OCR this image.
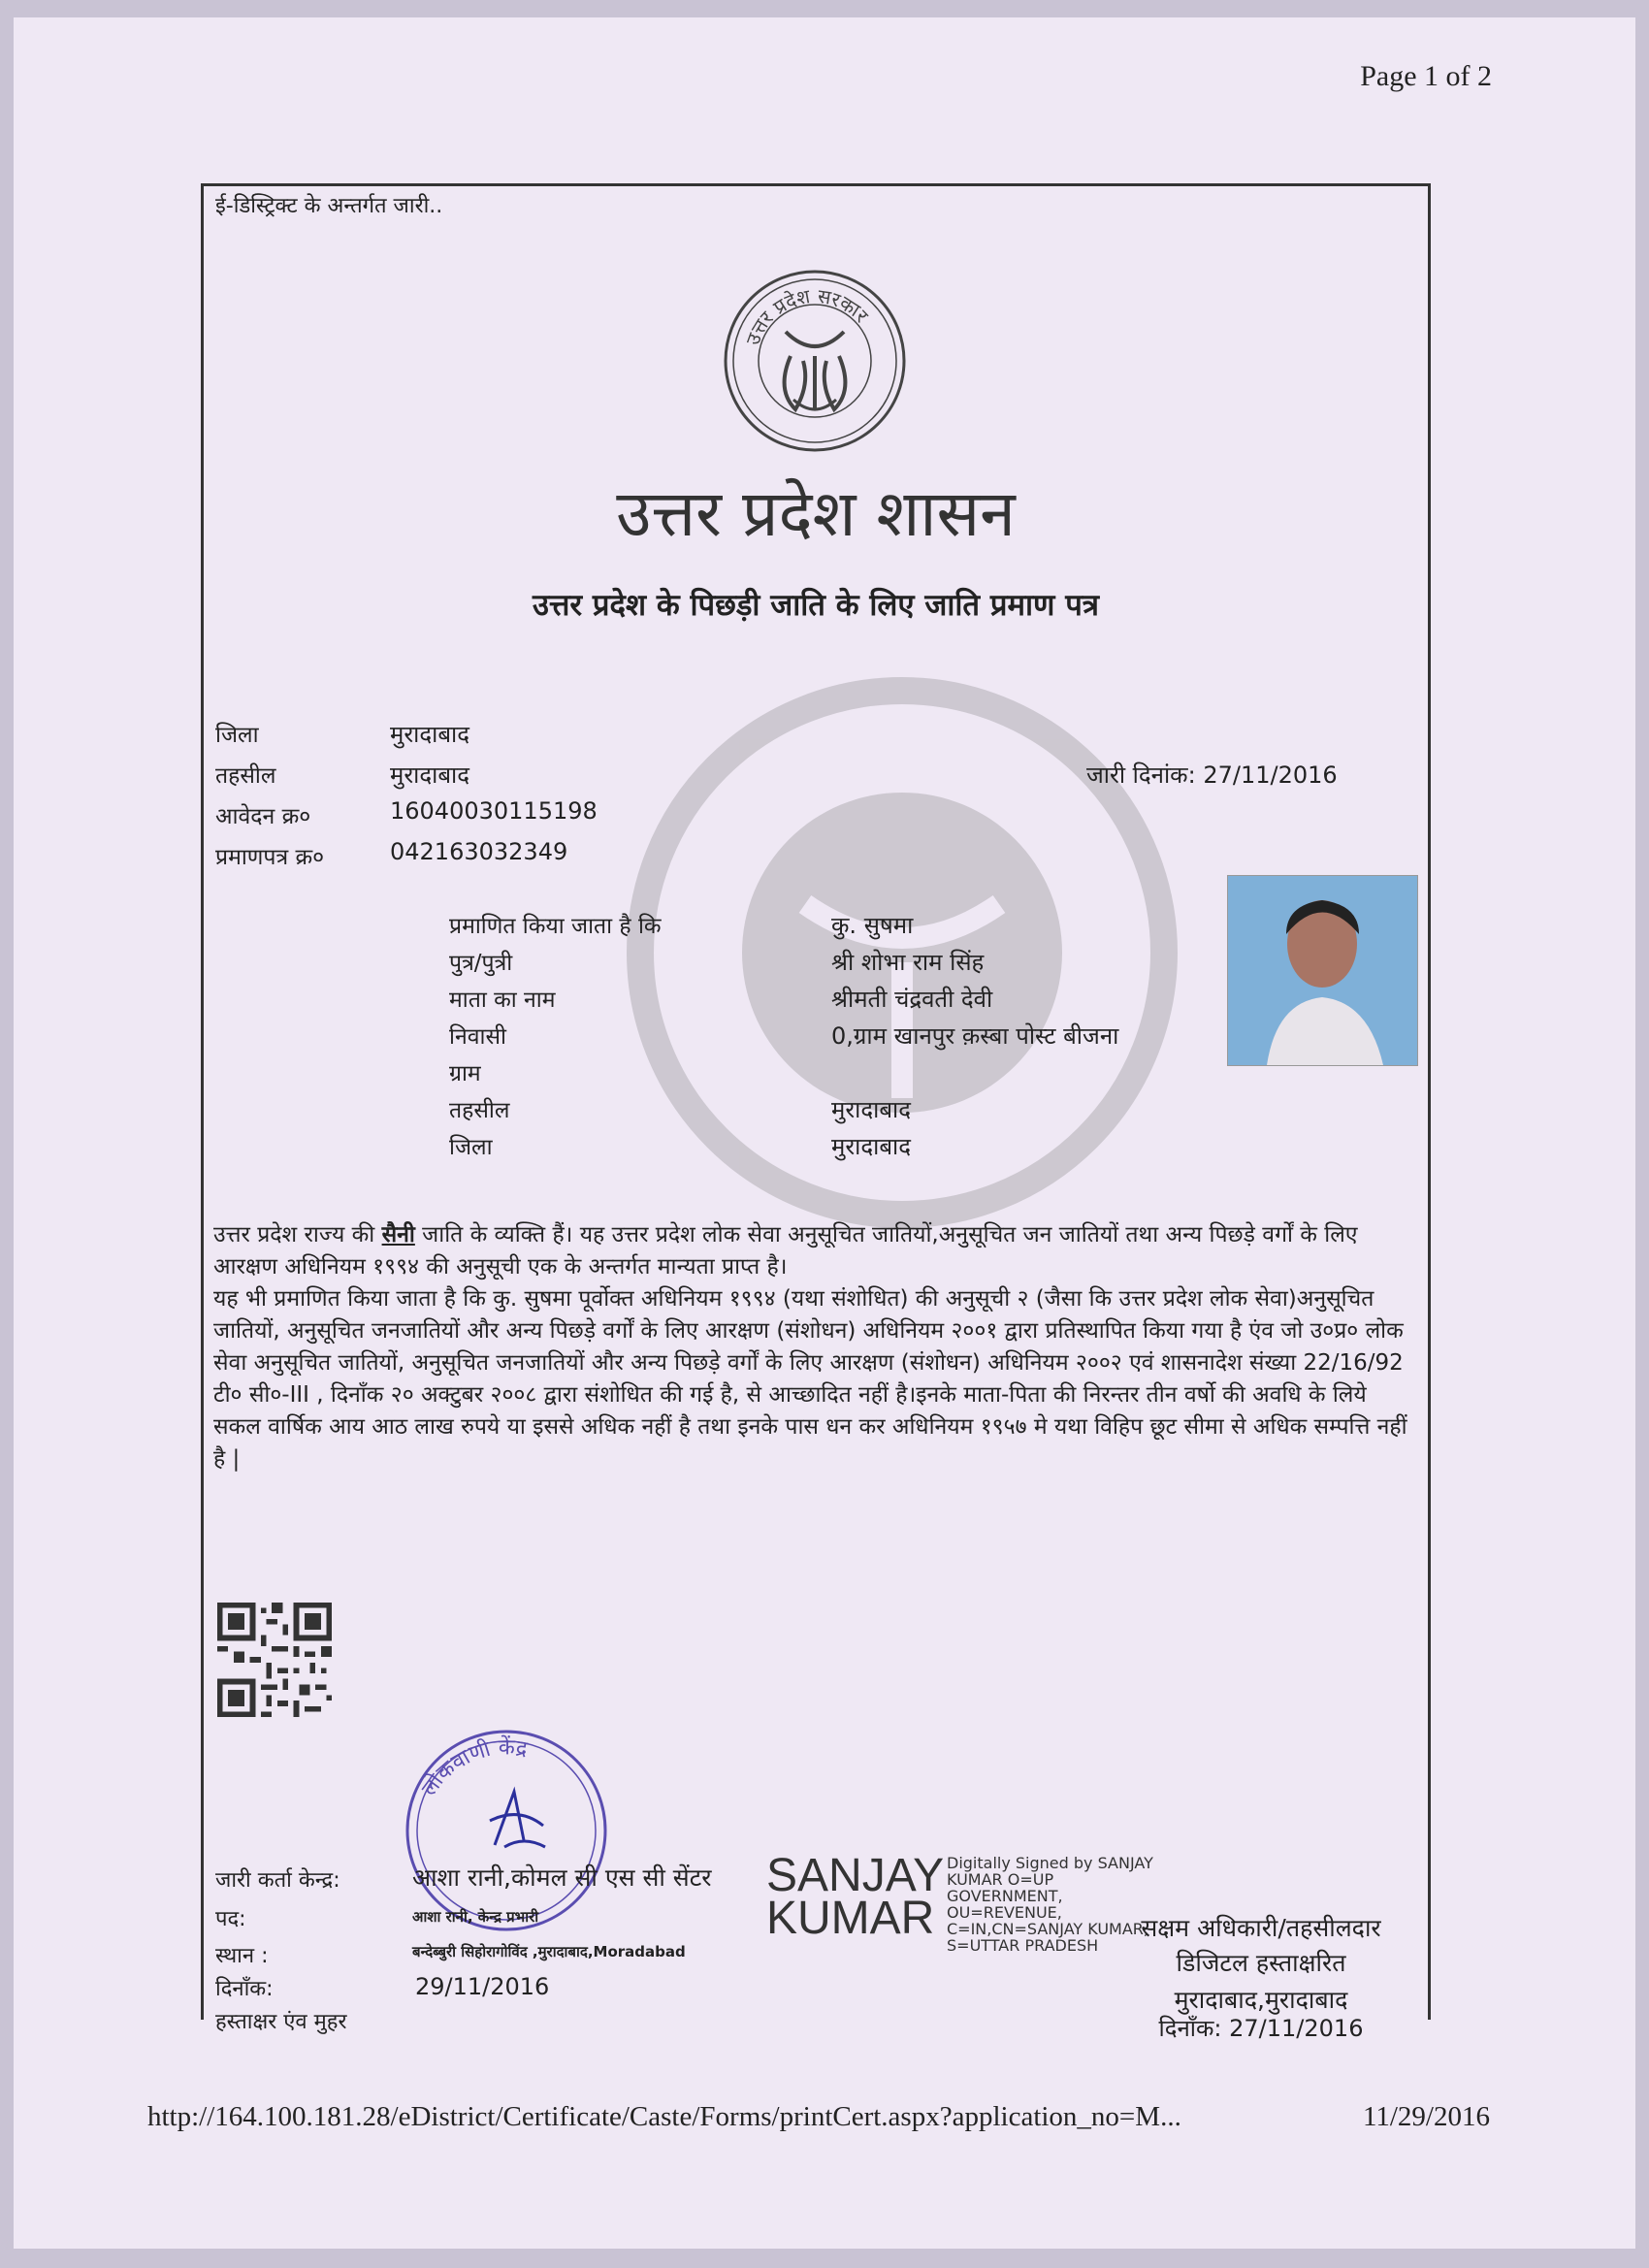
Page 1 of 2
ई-डिस्ट्रिक्ट के अन्तर्गत जारी..
उत्तर प्रदेश सरकार
उत्तर प्रदेश शासन
उत्तर प्रदेश के पिछड़ी जाति के लिए जाति प्रमाण पत्र
जिला	मुरादाबाद
तहसील	मुरादाबाद
आवेदन क्र०	16040030115198
प्रमाणपत्र क्र०	042163032349
जारी दिनांक: 27/11/2016
प्रमाणित किया जाता है कि	कु. सुषमा
पुत्र/पुत्री	श्री शोभा राम सिंह
माता का नाम	श्रीमती चंद्रवती देवी
निवासी	0,ग्राम खानपुर क़स्बा पोस्ट बीजना
ग्राम
तहसील	मुरादाबाद
जिला	मुरादाबाद
उत्तर प्रदेश राज्य की सैनी जाति के व्यक्ति हैं। यह उत्तर प्रदेश लोक सेवा अनुसूचित जातियों,अनुसूचित जन जातियों तथा अन्य पिछड़े वर्गों के लिए आरक्षण अधिनियम १९९४ की अनुसूची एक के अन्तर्गत मान्यता प्राप्त है।
यह भी प्रमाणित किया जाता है कि कु. सुषमा पूर्वोक्त अधिनियम १९९४ (यथा संशोधित) की अनुसूची २ (जैसा कि उत्तर प्रदेश लोक सेवा)अनुसूचित जातियों, अनुसूचित जनजातियों और अन्य पिछड़े वर्गों के लिए आरक्षण (संशोधन) अधिनियम २००१ द्वारा प्रतिस्थापित किया गया है एंव जो उ०प्र० लोक सेवा अनुसूचित जातियों, अनुसूचित जनजातियों और अन्य पिछड़े वर्गों के लिए आरक्षण (संशोधन) अधिनियम २००२ एवं शासनादेश संख्या 22/16/92 टी० सी०-III , दिनाँक २० अक्टुबर २००८ द्वारा संशोधित की गई है, से आच्छादित नहीं है।इनके माता-पिता की निरन्तर तीन वर्षो की अवधि के लिये सकल वार्षिक आय आठ लाख रुपये या इससे अधिक नहीं है तथा इनके पास धन कर अधिनियम १९५७ मे यथा विहिप छूट सीमा से अधिक सम्पत्ति नहीं है |
लोकवाणी केंद्र
जारी कर्ता केन्द्र:	आशा रानी,कोमल सी एस सी सेंटर
पद:	आशा रानी, केन्द्र प्रभारी
स्थान :	बन्देब्बुरी सिहोरागोविंद ,मुरादाबाद,Moradabad
दिनाँक:	29/11/2016
हस्ताक्षर एंव मुहर
SANJAY
KUMAR
Digitally Signed by SANJAY KUMAR O=UP GOVERNMENT, OU=REVENUE, C=IN,CN=SANJAY KUMAR, S=UTTAR PRADESH
सक्षम अधिकारी/तहसीलदार
डिजिटल हस्ताक्षरित
मुरादाबाद,मुरादाबाद
दिनाँक: 27/11/2016
http://164.100.181.28/eDistrict/Certificate/Caste/Forms/printCert.aspx?application_no=M...	11/29/2016
